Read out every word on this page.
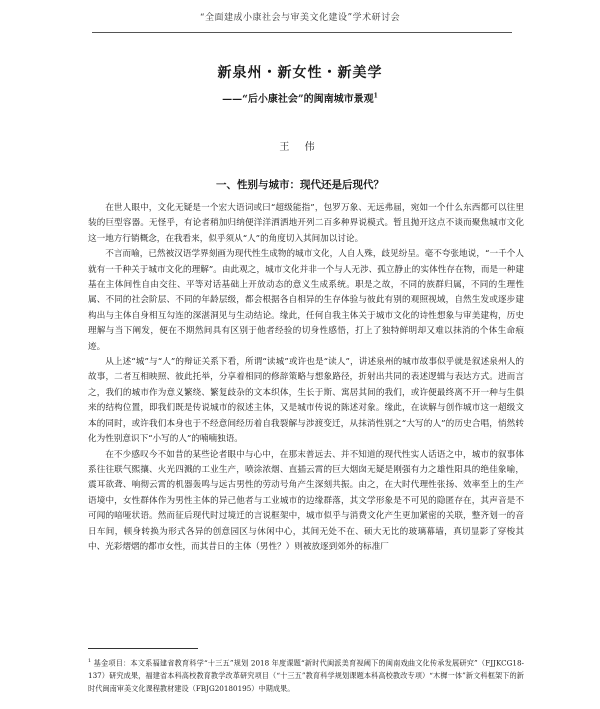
“全面建成小康社会与审美文化建设”学术研讨会
新泉州・新女性・新美学
——“后小康社会”的闽南城市景观$^1$
王 伟
一、性别与城市：现代还是后现代？

在世人眼中，文化无疑是一个宏大语词或曰“超级能指”，包罗万象、无远弗届，宛如一个什么东西都可以往里装的巨型容器。无怪乎，有论者稍加归纳便洋洋洒洒地开列二百多种界说模式。暂且抛开这点不谈而聚焦城市文化这一地方行销概念，在我看来，似乎须从“人”的角度切入其间加以讨论。

不言而喻，已然被汉语学界刻画为现代性生成物的城市文化，人自人殊，歧见纷呈。毫不夸张地说，“一千个人就有一千种关于城市文化的理解”。由此观之，城市文化并非一个与人无涉、孤立静止的实体性存在物，而是一种建基在主体间性自由交往、平等对话基础上开放动态的意义生成系统。职是之故，不同的族群归属，不同的生理性属、不同的社会阶层、不同的年龄层级，都会根据各自相异的生存体验与彼此有别的观照视域，自然生发或逐步建构出与主体自身相互勾连的深湛洞见与生动结论。缘此，任何自我主体关于城市文化的诗性想象与审美建构，历史理解与当下阐发，便在不期然间具有区别于他者经验的切身性感悟，打上了独特鲜明却又难以抹消的个体生命痕迹。

从上述“城”与“人”的辩证关系下看，所谓“读城”或许也是“读人”，讲述泉州的城市故事似乎就是叙述泉州人的故事，二者互相映照、彼此托举，分享着相同的修辞策略与想象路径，折射出共同的表述逻辑与表达方式。进而言之，我们的城市作为意义繁绕、繁复歧杂的文本织体，生长于斯、寓居其间的我们，或许便最终离不开一种与生俱来的结构位置，即我们既是传说城市的叙述主体，又是城市传说的陈述对象。缘此，在读解与创作城市这一超级文本的同时，或许我们本身也于不经意间经历着自我裂解与涉渡变迁，从抹消性别之“大写的人”的历史合唱，悄然转化为性别意识下“小写的人”的喃喃独语。

在不少感叹今不如昔的某些论者眼中与心中，在那末普远去、并不知道的现代性实人话语之中，城市的叙事体系往往联气熙攘、火光四溅的工业生产，喷涂浓烟、直插云霄的巨大烟囱无疑是刚强有力之雄性阳具的绝佳象喻，震耳欲聋、响彻云霄的机器轰鸣与远古男性的劳动号角产生深刻共振。由之，在大时代理性张扬、效率至上的生产语境中，女性群体作为男性主体的异己他者与工业城市的边缘群落，其文学形象是不可见的隐匿存在，其声音是不可闻的喑哑状语。然而征后现代时过境迁的言说框架中，城市似乎与消费文化产生更加紧密的关联，整齐划一的音日车间，顿身转换为形式各异的创意园区与休闲中心，其间无处不在、硕大无比的玻璃幕墙，真切显影了穿梭其中、光彩熠熠的都市女性，而其昔日的主体（男性？）则被放逐到郊外的标准厂

$^1$ 基金项目：本文系福建省教育科学“十三五”规划 2018 年度课题“新时代闽派美育视阈下的闽南戏曲文化传承发展研究”（FJJKCG18-137）研究成果，福建省本科高校教育教学改革研究项目（“十三五”教育科学规划课题本科高校教改专项）“木樨一体”新文科框架下的新时代闽南审美文化课程教材建设（FBJG20180195）中期成果。
